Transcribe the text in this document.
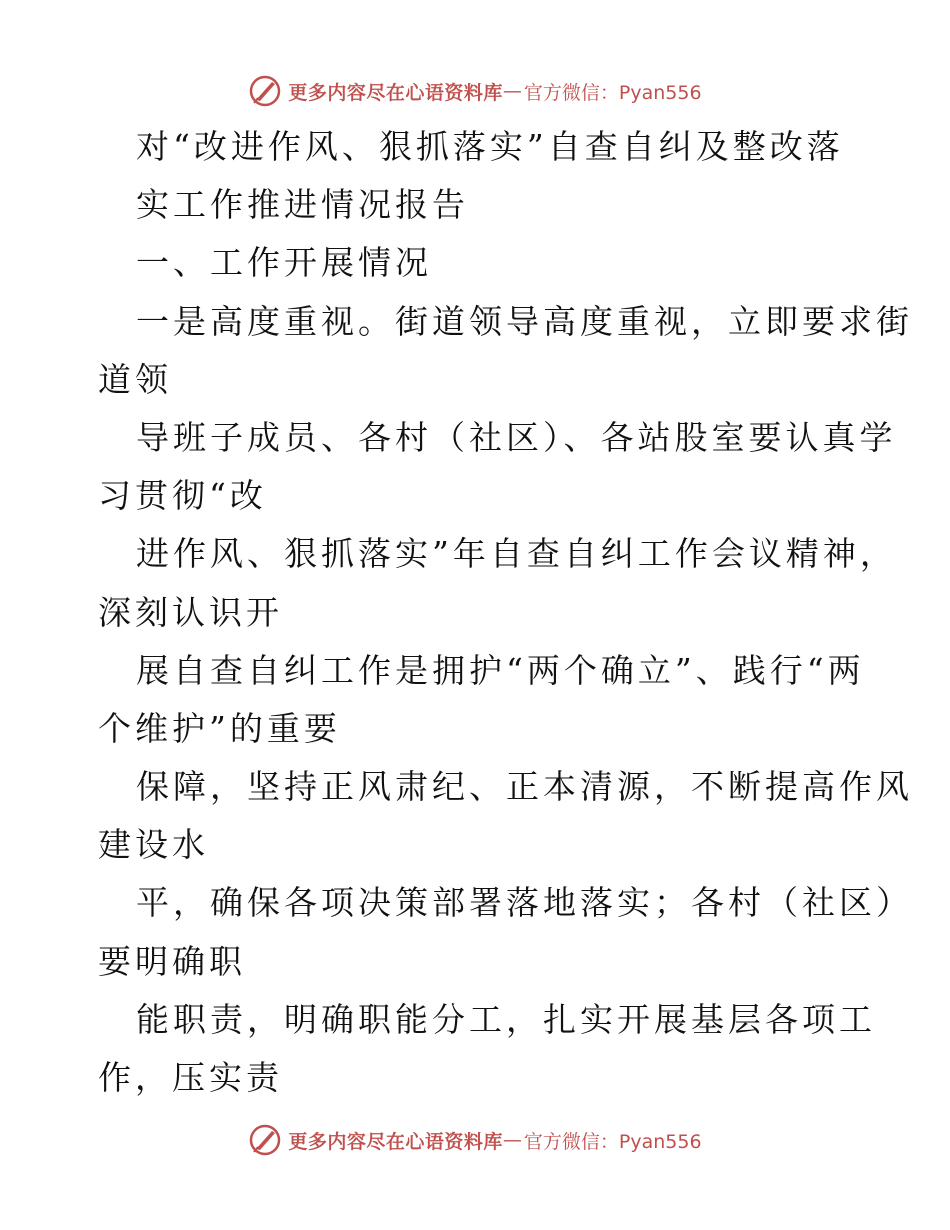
更多内容尽在心语资料库 — 官方微信：Pyan556
对“改进作风、狠抓落实”自查自纠及整改落
实工作推进情况报告
一、工作开展情况
一是高度重视。街道领导高度重视，立即要求街
道领
导班子成员、各村（社区）、各站股室要认真学
习贯彻“改
进作风、狠抓落实”年自查自纠工作会议精神，
深刻认识开
展自查自纠工作是拥护“两个确立”、践行“两
个维护”的重要
保障，坚持正风肃纪、正本清源，不断提高作风
建设水
平，确保各项决策部署落地落实；各村（社区）
要明确职
能职责，明确职能分工，扎实开展基层各项工
作，压实责
更多内容尽在心语资料库 — 官方微信：Pyan556
